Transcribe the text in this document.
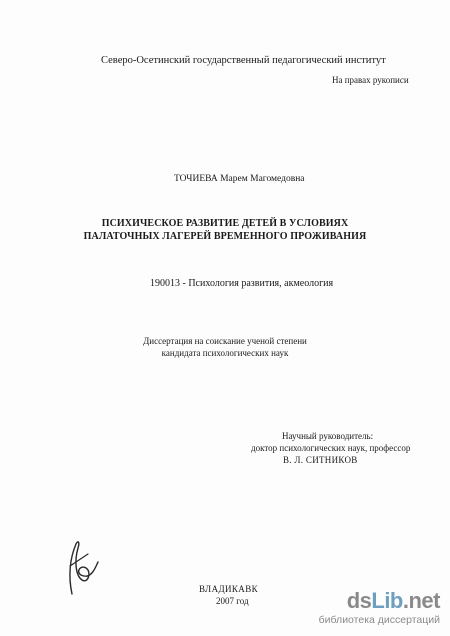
Северо-Осетинский государственный педагогический институт
На правах рукописи
ТОЧИЕВА Марем Магомедовна
ПСИХИЧЕСКОЕ РАЗВИТИЕ ДЕТЕЙ В УСЛОВИЯХ
ПАЛАТОЧНЫХ ЛАГЕРЕЙ ВРЕМЕННОГО ПРОЖИВАНИЯ
190013 - Психология развития, акмеология
Диссертация на соискание ученой степени
кандидата психологических наук
Научный руководитель:
доктор психологических наук, профессор
В. Л. СИТНИКОВ
ВЛАДИКАВК
2007 год	dsLib.net
библиотека диссертаций
